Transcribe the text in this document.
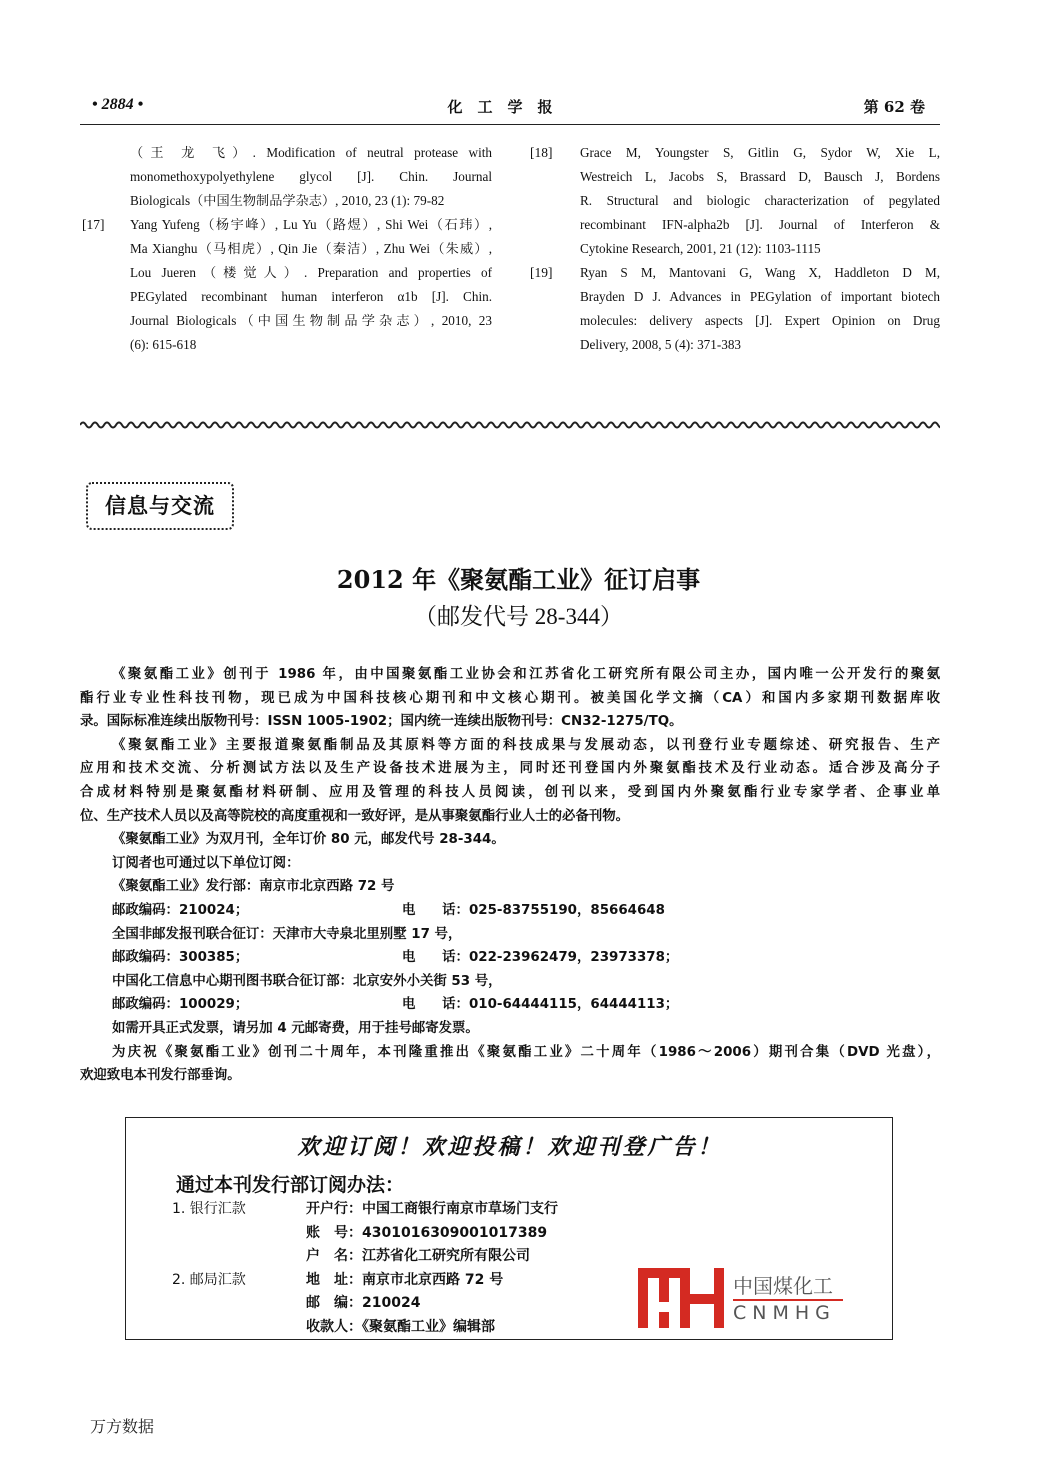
• 2884 •	化　工　学　报	第 62 卷
（王 龙 飞）. Modification of neutral protease with
monomethoxypolyethylene glycol [J]. Chin. Journal
Biologicals（中国生物制品学杂志）, 2010, 23 (1): 79-82
[17] Yang Yufeng（杨宇峰）, Lu Yu（路煜）, Shi Wei（石玮）,
Ma Xianghu（马相虎）, Qin Jie（秦洁）, Zhu Wei（朱威）,
Lou Jueren（楼觉人）. Preparation and properties of
PEGylated recombinant human interferon α1b [J]. Chin.
Journal Biologicals（中国生物制品学杂志）, 2010, 23
(6): 615-618
[18] Grace M, Youngster S, Gitlin G, Sydor W, Xie L,
Westreich L, Jacobs S, Brassard D, Bausch J, Bordens
R. Structural and biologic characterization of pegylated
recombinant IFN-alpha2b [J]. Journal of Interferon &
Cytokine Research, 2001, 21 (12): 1103-1115
[19] Ryan S M, Mantovani G, Wang X, Haddleton D M,
Brayden D J. Advances in PEGylation of important biotech
molecules: delivery aspects [J]. Expert Opinion on Drug
Delivery, 2008, 5 (4): 371-383
信息与交流
2012 年《聚氨酯工业》征订启事
（邮发代号 28-344）
《聚氨酯工业》创刊于 1986 年，由中国聚氨酯工业协会和江苏省化工研究所有限公司主办，国内唯一公开发行的聚氨
酯行业专业性科技刊物，现已成为中国科技核心期刊和中文核心期刊。被美国化学文摘（CA）和国内多家期刊数据库收
录。国际标准连续出版物刊号：ISSN 1005-1902；国内统一连续出版物刊号：CN32-1275/TQ。
《聚氨酯工业》主要报道聚氨酯制品及其原料等方面的科技成果与发展动态，以刊登行业专题综述、研究报告、生产
应用和技术交流、分析测试方法以及生产设备技术进展为主，同时还刊登国内外聚氨酯技术及行业动态。适合涉及高分子
合成材料特别是聚氨酯材料研制、应用及管理的科技人员阅读，创刊以来，受到国内外聚氨酯行业专家学者、企事业单
位、生产技术人员以及高等院校的高度重视和一致好评，是从事聚氨酯行业人士的必备刊物。
《聚氨酯工业》为双月刊，全年订价 80 元，邮发代号 28-344。
订阅者也可通过以下单位订阅：
《聚氨酯工业》发行部：南京市北京西路 72 号
邮政编码：210024；	电　　话：025-83755190，85664648
全国非邮发报刊联合征订：天津市大寺泉北里别墅 17 号，
邮政编码：300385；	电　　话：022-23962479，23973378；
中国化工信息中心期刊图书联合征订部：北京安外小关街 53 号，
邮政编码：100029；	电　　话：010-64444115，64444113；
如需开具正式发票，请另加 4 元邮寄费，用于挂号邮寄发票。
为庆祝《聚氨酯工业》创刊二十周年，本刊隆重推出《聚氨酯工业》二十周年（1986～2006）期刊合集（DVD 光盘），
欢迎致电本刊发行部垂询。
欢迎订阅！欢迎投稿！欢迎刊登广告！
通过本刊发行部订阅办法：
1. 银行汇款	开户行：中国工商银行南京市草场门支行
账　号：4301016309001017389
户　名：江苏省化工研究所有限公司
2. 邮局汇款	地　址：南京市北京西路 72 号
邮　编：210024
收款人：《聚氨酯工业》编辑部
中国煤化工
CNMHG
万方数据
